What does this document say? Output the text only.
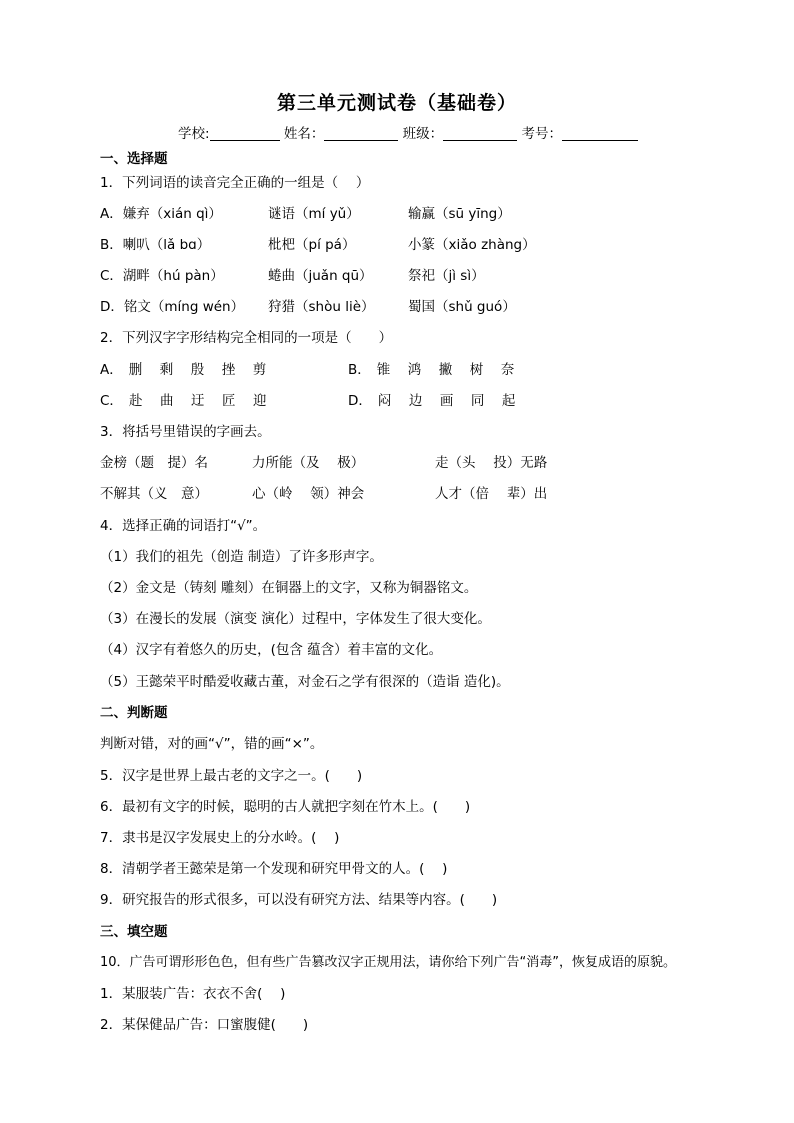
第三单元测试卷（基础卷）
学校:	姓名：	班级：	考号：
一、选择题
1．下列词语的读音完全正确的一组是（　 ）
A．嫌弃（xián qì）	谜语（mí yǔ）	输赢（sū yīng）
B．喇叭（lǎ bɑ）	枇杷（pí pá）	小篆（xiǎo zhàng）
C．湖畔（hú pàn）	蜷曲（juǎn qū）	祭祀（jì sì）
D．铭文（míng wén） 狩猎（shòu liè） 蜀国（shǔ guó）
2．下列汉字字形结构完全相同的一项是（　　）
A． 删 剩 殷 挫 剪	B． 锥 鸿 撇 树 奈
C． 赴 曲 迂 匠 迎	D． 闷 边 画 同 起
3．将括号里错误的字画去。
金榜（题　提）名	力所能（及　 极）	走（头　 投）无路
不解其（义　意）	心（岭　 领）神会	人才（倍　 辈）出
4．选择正确的词语打“√”。
（1）我们的祖先（创造 制造）了许多形声字。
（2）金文是（铸刻 雕刻）在铜器上的文字，又称为铜器铭文。
（3）在漫长的发展（演变 演化）过程中，字体发生了很大变化。
（4）汉字有着悠久的历史，(包含 蕴含）着丰富的文化。
（5）王懿荣平时酷爱收藏古董，对金石之学有很深的（造诣 造化)。
二、判断题
判断对错，对的画“√”，错的画“×”。
5．汉字是世界上最古老的文字之一。(　　)
6．最初有文字的时候，聪明的古人就把字刻在竹木上。(　　)
7．隶书是汉字发展史上的分水岭。(　 )
8．清朝学者王懿荣是第一个发现和研究甲骨文的人。(　 )
9．研究报告的形式很多，可以没有研究方法、结果等内容。(　　)
三、填空题
10．广告可谓形形色色，但有些广告篡改汉字正规用法，请你给下列广告“消毒”，恢复成语的原貌。
1．某服装广告：衣衣不舍(　 )
2．某保健品广告：口蜜腹健(　　)
